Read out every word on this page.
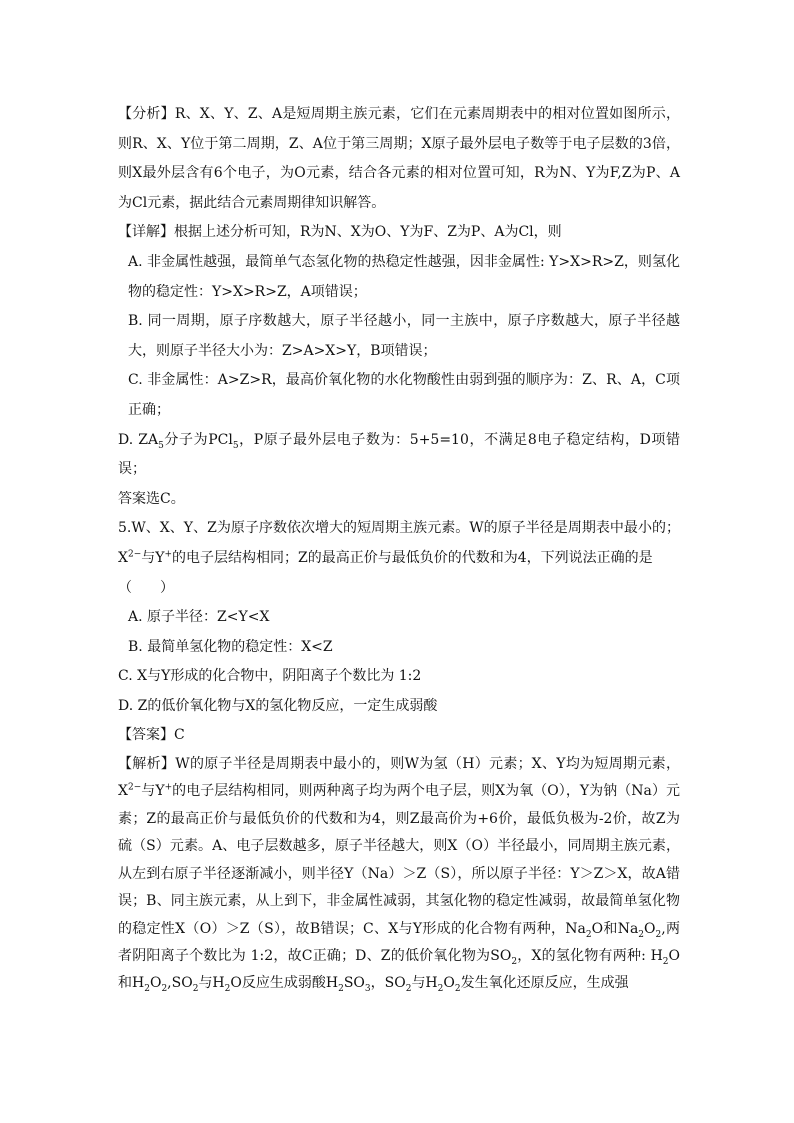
【分析】R、X、Y、Z、A是短周期主族元素，它们在元素周期表中的相对位置如图所示，则R、X、Y位于第二周期，Z、A位于第三周期；X原子最外层电子数等于电子层数的3倍，则X最外层含有6个电子，为O元素，结合各元素的相对位置可知，R为N、Y为F,Z为P、A为Cl元素，据此结合元素周期律知识解答。

【详解】根据上述分析可知，R为N、X为O、Y为F、Z为P、A为Cl，则

A. 非金属性越强，最简单气态氢化物的热稳定性越强，因非金属性: Y>X>R>Z，则氢化物的稳定性：Y>X>R>Z，A项错误；

B. 同一周期，原子序数越大，原子半径越小，同一主族中，原子序数越大，原子半径越大，则原子半径大小为：Z>A>X>Y，B项错误；

C. 非金属性：A>Z>R，最高价氧化物的水化物酸性由弱到强的顺序为：Z、R、A，C项正确；

D. $ZA_5$分子为PCl$_5$，P原子最外层电子数为：5+5=10，不满足8电子稳定结构，D项错误；

答案选C。

5.W、X、Y、Z为原子序数依次增大的短周期主族元素。W的原子半径是周期表中最小的；$X^{2-}$与Y+的电子层结构相同；Z的最高正价与最低负价的代数和为4，下列说法正确的是

（　　）

A. 原子半径：Z<Y<X

B. 最简单氢化物的稳定性：X<Z

C. X与Y形成的化合物中，阴阳离子个数比为 1:2

D. Z的低价氧化物与X的氢化物反应，一定生成弱酸

【答案】C

【解析】W的原子半径是周期表中最小的，则W为氢（H）元素；X、Y均为短周期元素，$X^{2-}$与Y+的电子层结构相同，则两种离子均为两个电子层，则X为氧（O），Y为钠（Na）元素；Z的最高正价与最低负价的代数和为4，则Z最高价为+6价，最低负极为-2价，故Z为硫（S）元素。A、电子层数越多，原子半径越大，则X（O）半径最小，同周期主族元素，从左到右原子半径逐渐减小，则半径Y（Na）＞Z（S），所以原子半径：Y＞Z＞X，故A错误；B、同主族元素，从上到下，非金属性减弱，其氢化物的稳定性减弱，故最简单氢化物的稳定性X（O）＞Z（S），故B错误；C、X与Y形成的化合物有两种，$Na_2O$和$Na_2O_2$,两者阴阳离子个数比为 1:2，故C正确；D、Z的低价氧化物为$SO_2$，X的氢化物有两种: $H_2O$和$H_2O_2,SO_2$与$H_2O$反应生成弱酸$H_2SO_3$，$SO_2$与$H_2O_2$发生氧化还原反应，生成强
